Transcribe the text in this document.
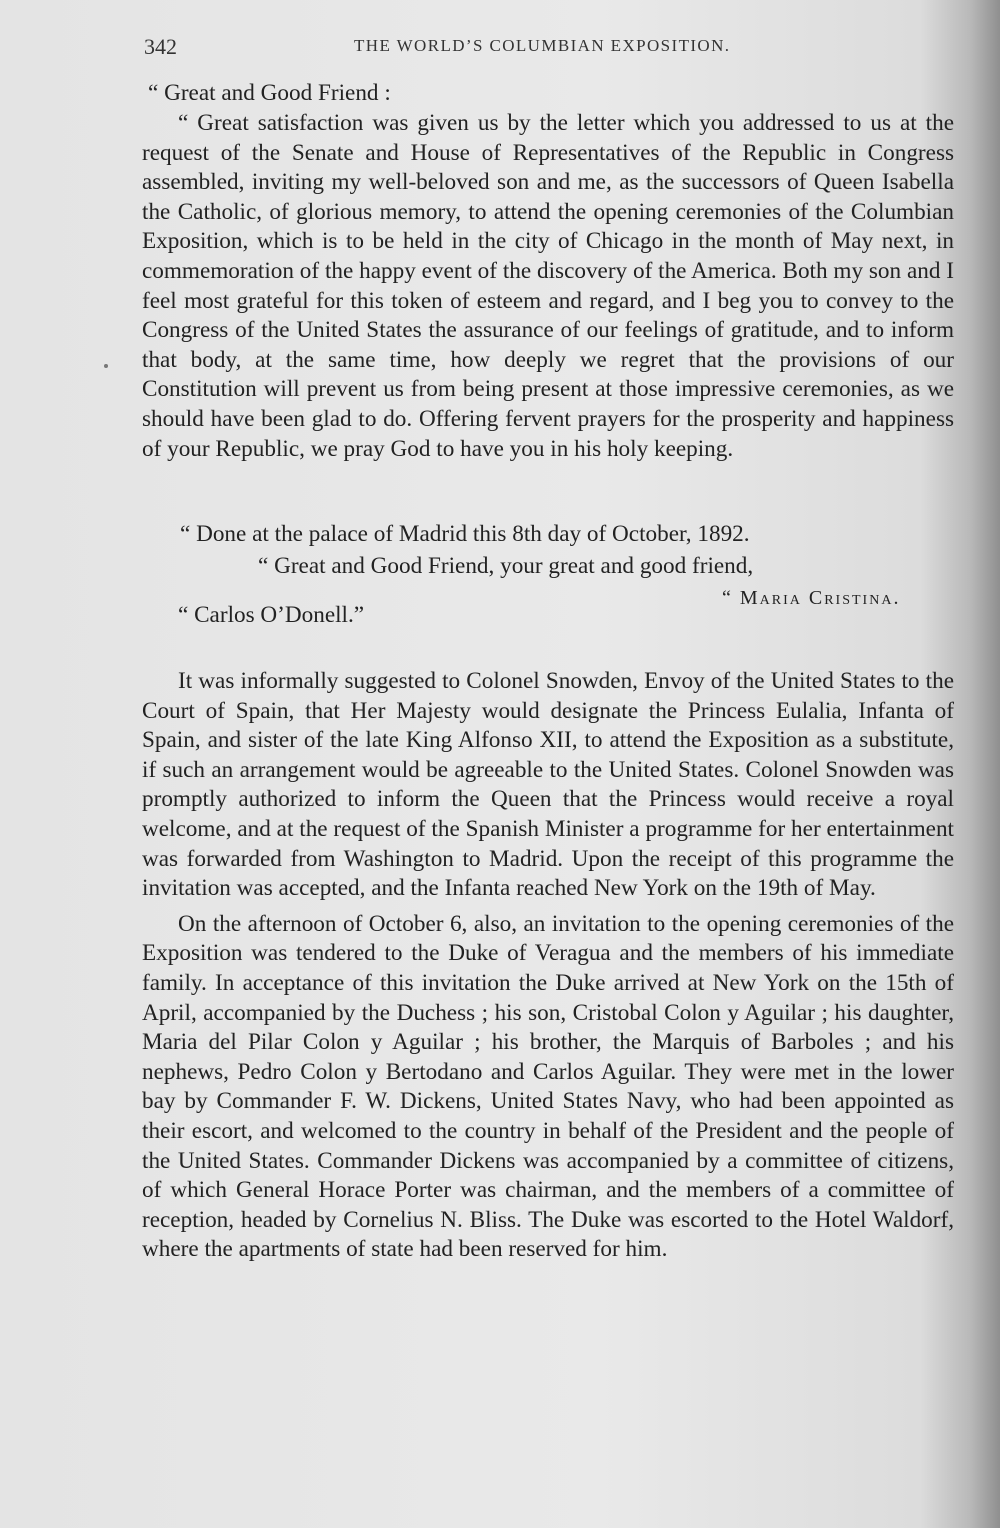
342	THE WORLD’S COLUMBIAN EXPOSITION.
“ Great and Good Friend :

“ Great satisfaction was given us by the letter which you addressed to us at the request of the Senate and House of Representatives of the Republic in Congress assembled, inviting my well-beloved son and me, as the successors of Queen Isabella the Catholic, of glorious memory, to attend the opening ceremonies of the Columbian Exposition, which is to be held in the city of Chicago in the month of May next, in commemoration of the happy event of the discovery of the America. Both my son and I feel most grateful for this token of esteem and regard, and I beg you to convey to the Congress of the United States the assurance of our feelings of gratitude, and to inform that body, at the same time, how deeply we regret that the provisions of our Constitution will prevent us from being present at those impressive ceremonies, as we should have been glad to do. Offering fervent prayers for the prosperity and happiness of your Republic, we pray God to have you in his holy keeping.

“ Done at the palace of Madrid this 8th day of October, 1892.
“ Great and Good Friend, your great and good friend,
“ Maria Cristina.
“ Carlos O’Donell.”

It was informally suggested to Colonel Snowden, Envoy of the United States to the Court of Spain, that Her Majesty would designate the Princess Eulalia, Infanta of Spain, and sister of the late King Alfonso XII, to attend the Exposition as a substitute, if such an arrangement would be agreeable to the United States. Colonel Snowden was promptly authorized to inform the Queen that the Princess would receive a royal welcome, and at the request of the Spanish Minister a programme for her entertainment was forwarded from Washington to Madrid. Upon the receipt of this programme the invitation was accepted, and the Infanta reached New York on the 19th of May.

On the afternoon of October 6, also, an invitation to the opening ceremonies of the Exposition was tendered to the Duke of Veragua and the members of his immediate family. In acceptance of this invitation the Duke arrived at New York on the 15th of April, accompanied by the Duchess ; his son, Cristobal Colon y Aguilar ; his daughter, Maria del Pilar Colon y Aguilar ; his brother, the Marquis of Barboles ; and his nephews, Pedro Colon y Bertodano and Carlos Aguilar. They were met in the lower bay by Commander F. W. Dickens, United States Navy, who had been appointed as their escort, and welcomed to the country in behalf of the President and the people of the United States. Commander Dickens was accompanied by a committee of citizens, of which General Horace Porter was chairman, and the members of a committee of reception, headed by Cornelius N. Bliss. The Duke was escorted to the Hotel Waldorf, where the apartments of state had been reserved for him.
